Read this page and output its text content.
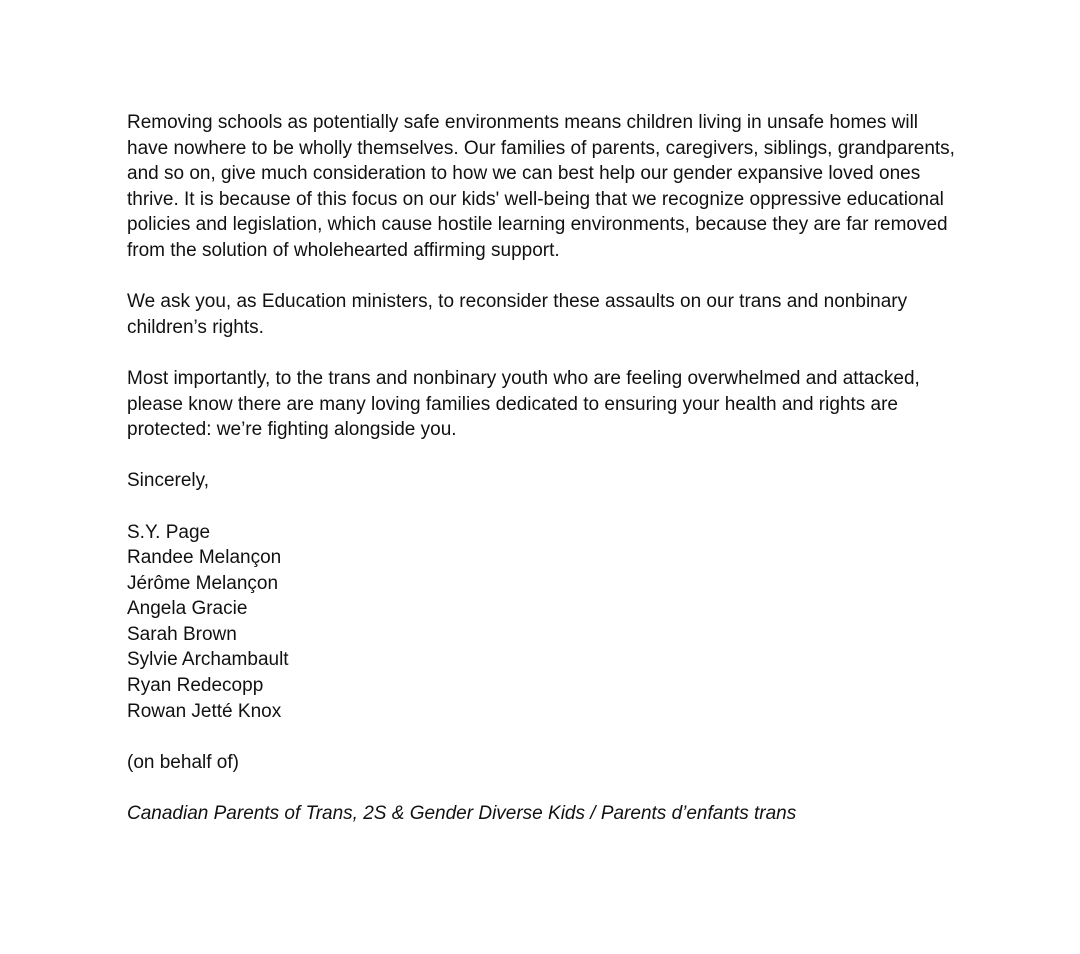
Removing schools as potentially safe environments means children living in unsafe homes will have nowhere to be wholly themselves. Our families of parents, caregivers, siblings, grandparents, and so on, give much consideration to how we can best help our gender expansive loved ones thrive. It is because of this focus on our kids' well-being that we recognize oppressive educational policies and legislation, which cause hostile learning environments, because they are far removed from the solution of wholehearted affirming support.

We ask you, as Education ministers, to reconsider these assaults on our trans and nonbinary children’s rights.

Most importantly, to the trans and nonbinary youth who are feeling overwhelmed and attacked, please know there are many loving families dedicated to ensuring your health and rights are protected: we’re fighting alongside you.

Sincerely,

S.Y. Page
Randee Melançon
Jérôme Melançon
Angela Gracie
Sarah Brown
Sylvie Archambault
Ryan Redecopp
Rowan Jetté Knox

(on behalf of)

Canadian Parents of Trans, 2S & Gender Diverse Kids / Parents d’enfants trans
